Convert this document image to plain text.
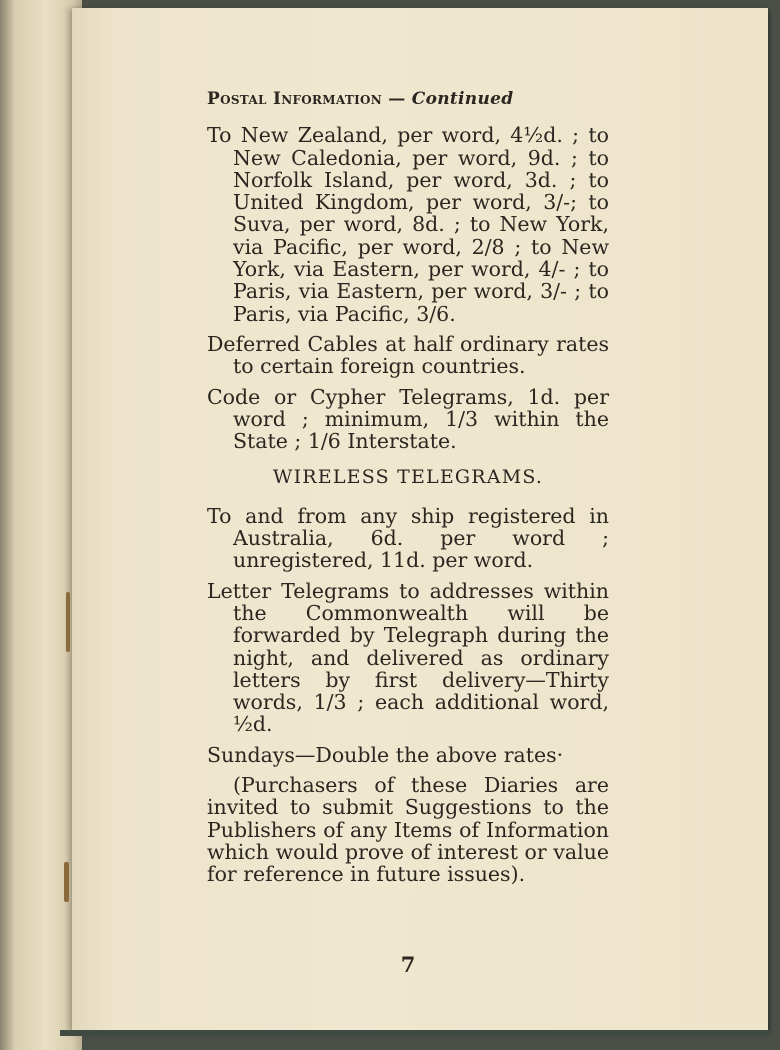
Postal Information — Continued

To New Zealand, per word, 4½d. ; to New Caledonia, per word, 9d. ; to Norfolk Island, per word, 3d. ; to United Kingdom, per word, 3/-; to Suva, per word, 8d. ; to New York, via Pacific, per word, 2/8 ; to New York, via Eastern, per word, 4/- ; to Paris, via Eastern, per word, 3/- ; to Paris, via Pacific, 3/6.

Deferred Cables at half ordinary rates to certain foreign countries.

Code or Cypher Telegrams, 1d. per word ; minimum, 1/3 within the State ; 1/6 Interstate.

WIRELESS TELEGRAMS.

To and from any ship registered in Australia, 6d. per word ; unregistered, 11d. per word.

Letter Telegrams to addresses within the Commonwealth will be forwarded by Telegraph during the night, and delivered as ordinary letters by first delivery—Thirty words, 1/3 ; each additional word, ½d.

Sundays—Double the above rates·

(Purchasers of these Diaries are invited to submit Suggestions to the Publishers of any Items of Information which would prove of interest or value for reference in future issues).

7
